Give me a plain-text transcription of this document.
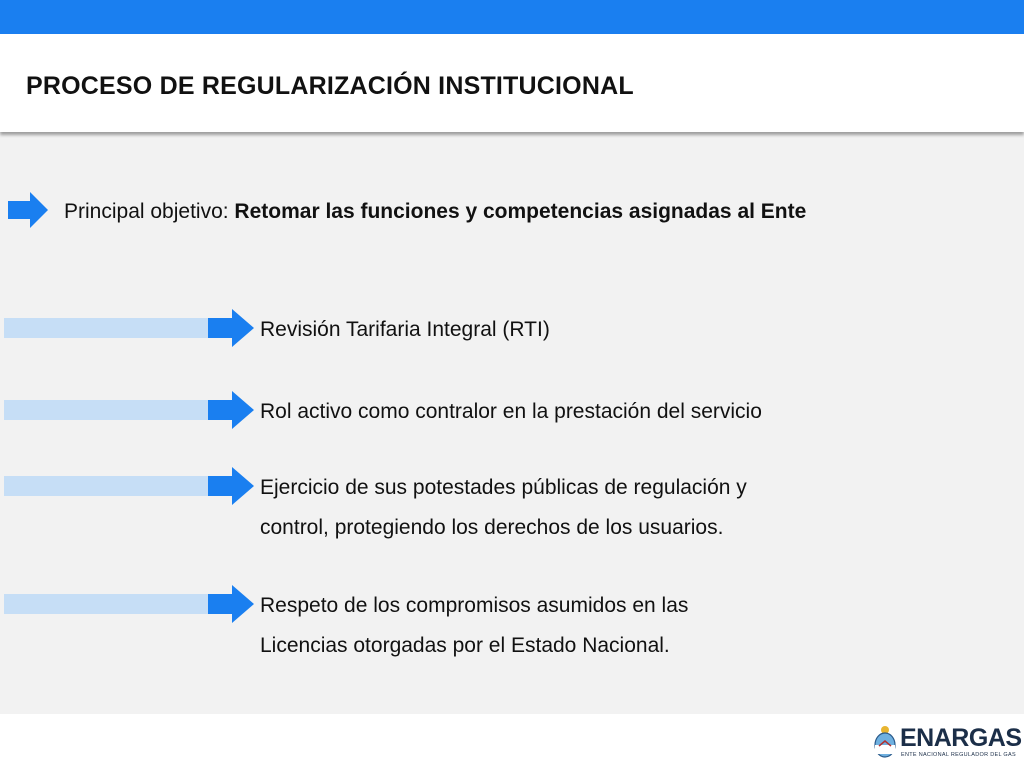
PROCESO DE REGULARIZACIÓN INSTITUCIONAL
Principal objetivo: Retomar las funciones y competencias asignadas al Ente

Revisión Tarifaria Integral (RTI)

Rol activo como contralor en la prestación del servicio

Ejercicio de sus potestades públicas de regulación y
control, protegiendo los derechos de los usuarios.

Respeto de los compromisos asumidos en las
Licencias otorgadas por el Estado Nacional.

ENARGAS
ENTE NACIONAL REGULADOR DEL GAS
